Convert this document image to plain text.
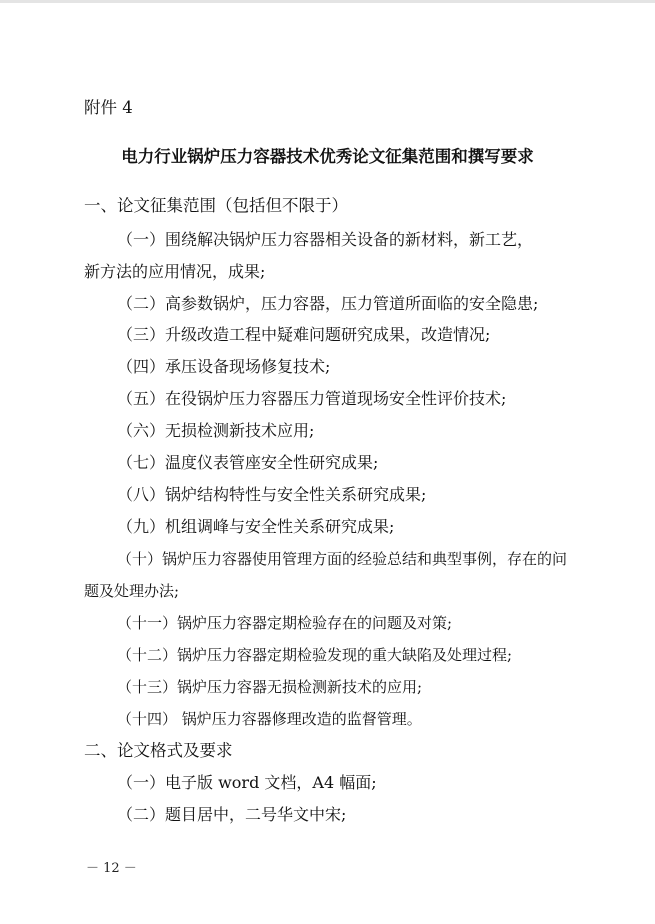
附件 4
电力行业锅炉压力容器技术优秀论文征集范围和撰写要求
一、论文征集范围（包括但不限于）
（一）围绕解决锅炉压力容器相关设备的新材料，新工艺，
新方法的应用情况，成果;
（二）高参数锅炉，压力容器，压力管道所面临的安全隐患;
（三）升级改造工程中疑难问题研究成果，改造情况;
（四）承压设备现场修复技术;
（五）在役锅炉压力容器压力管道现场安全性评价技术;
（六）无损检测新技术应用;
（七）温度仪表管座安全性研究成果;
（八）锅炉结构特性与安全性关系研究成果;
（九）机组调峰与安全性关系研究成果;
（十）锅炉压力容器使用管理方面的经验总结和典型事例，存在的问
题及处理办法;
（十一）锅炉压力容器定期检验存在的问题及对策;
（十二）锅炉压力容器定期检验发现的重大缺陷及处理过程;
（十三）锅炉压力容器无损检测新技术的应用;
（十四） 锅炉压力容器修理改造的监督管理。
二、论文格式及要求
（一）电子版 word 文档，A4 幅面;
（二）题目居中，二号华文中宋;
－ 12 －
